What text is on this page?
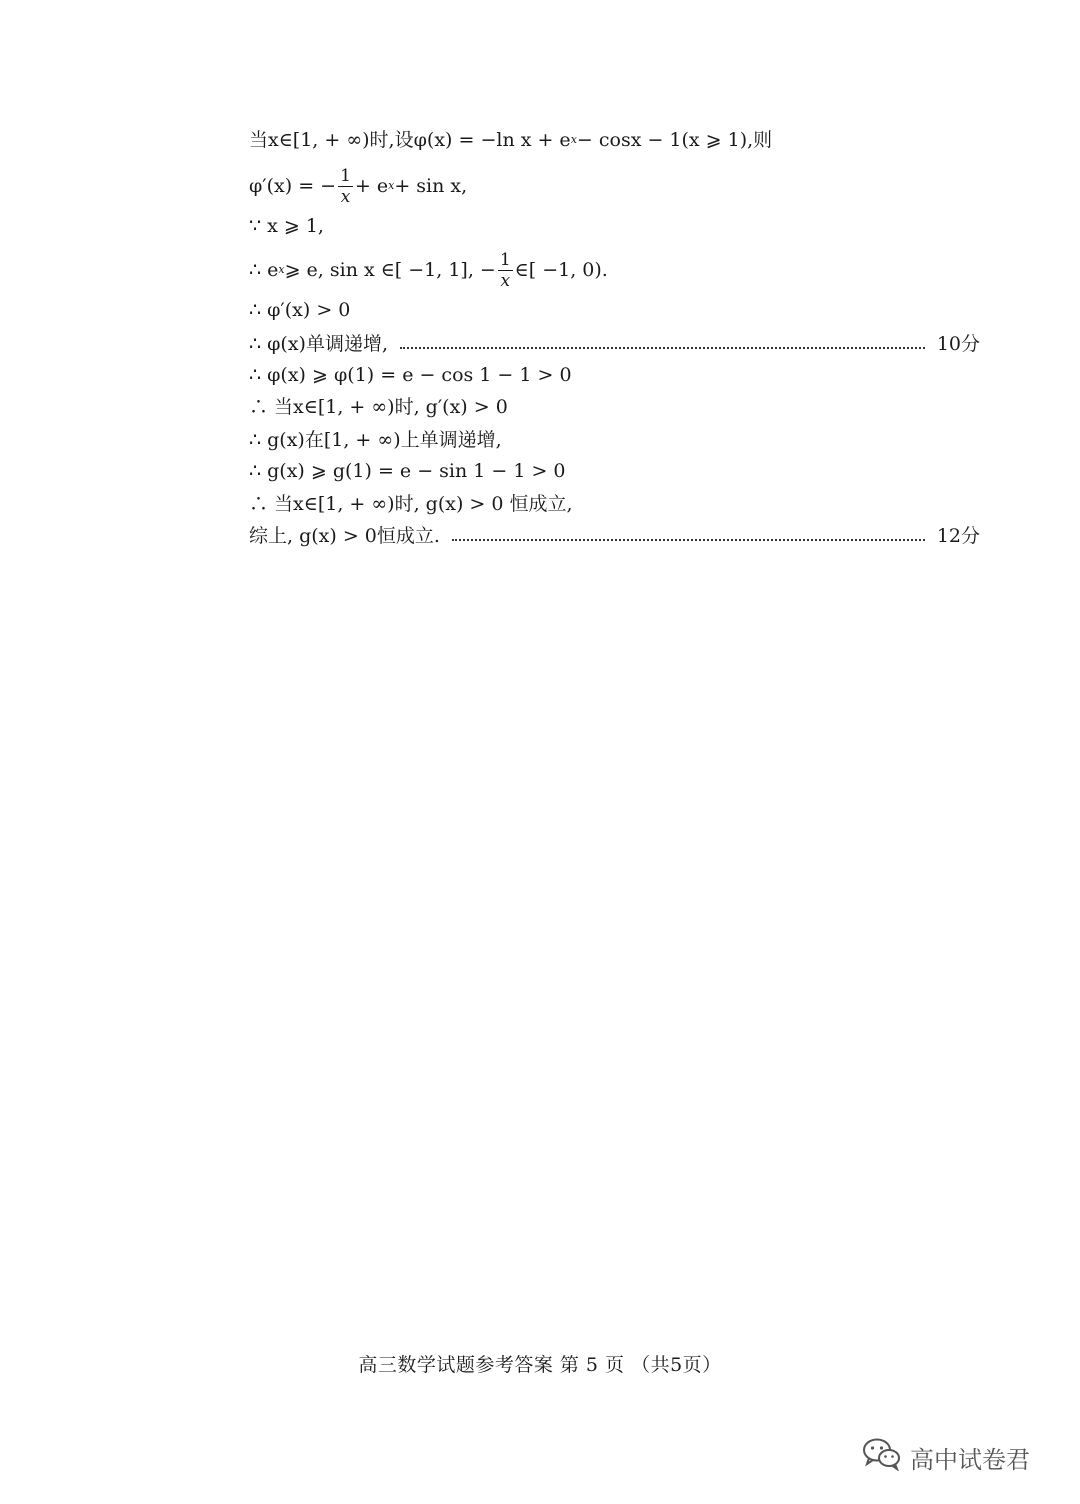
当x∈[1, + ∞)时,设φ(x) = −ln x + e x − cosx − 1(x ⩾ 1),则
φ′(x) = − $\frac{1}{x} + e$ x + sin x,
∵ x ⩾ 1,
∴ e x ⩾ e, sin x ∈[ −1, 1], − $\frac{1}{x}$ ∈[ −1, 0).
∴ φ′(x) > 0
∴ φ(x)单调递增,	10分
∴ φ(x) ⩾ φ(1) = e − cos 1 − 1 > 0
∴ 当x∈[1, + ∞)时, g′(x) > 0
∴ g(x)在[1, + ∞)上单调递增,
∴ g(x) ⩾ g(1) = e − sin 1 − 1 > 0
∴ 当x∈[1, + ∞)时, g(x) > 0 恒成立,
综上, g(x) > 0恒成立.	12分
高三数学试题参考答案 第 5 页 （共5页）
高中试卷君
